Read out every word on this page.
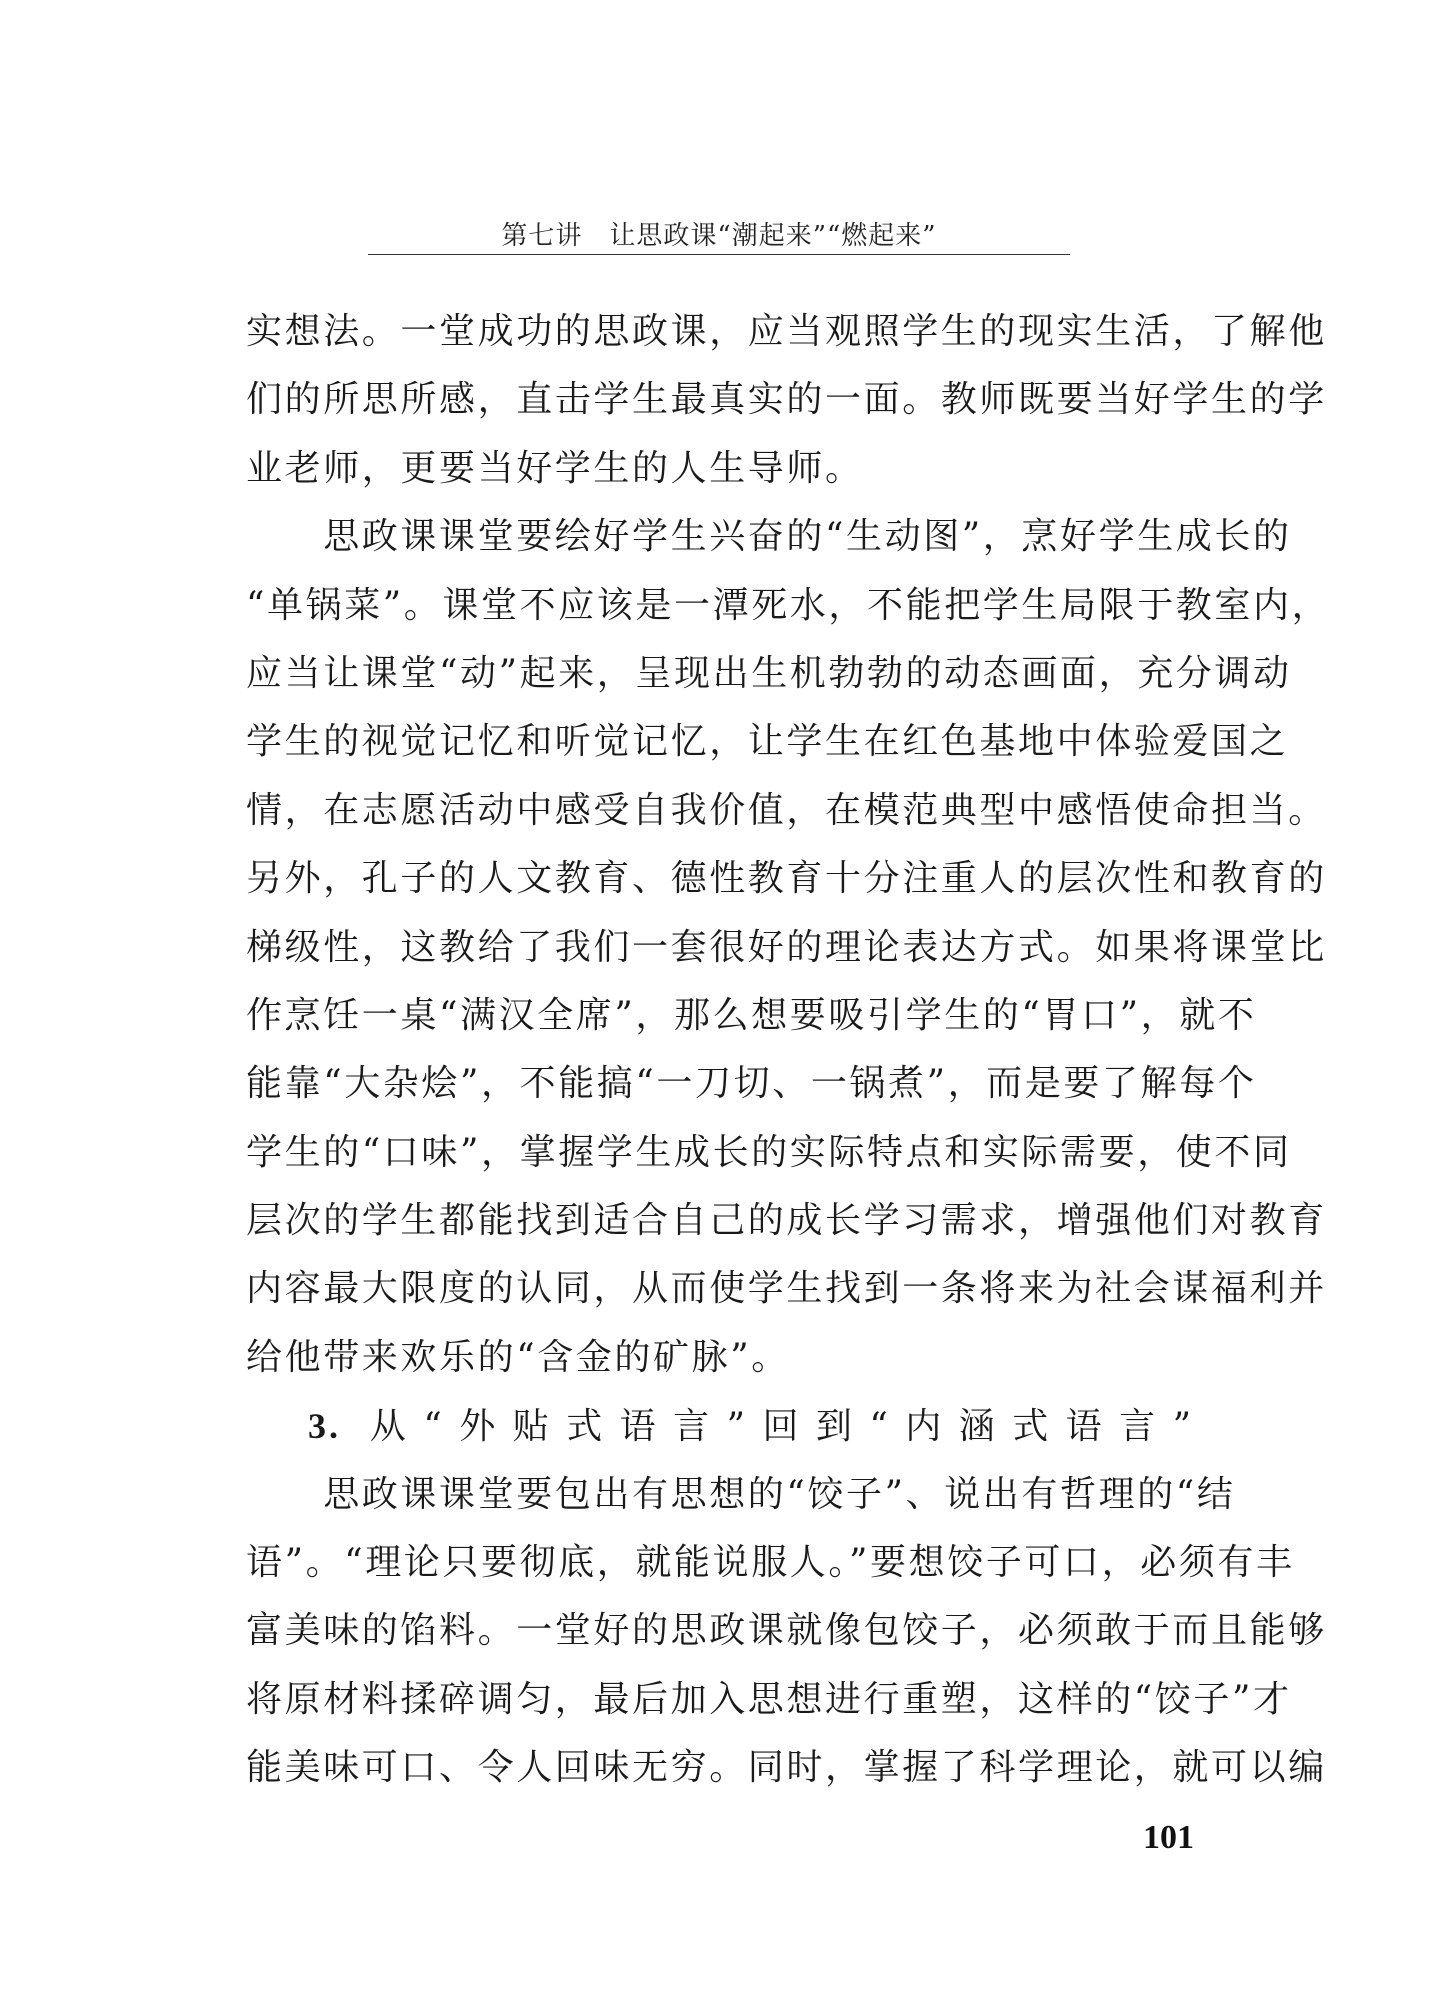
第七讲　让思政课“潮起来”“燃起来”
实想法。一堂成功的思政课，应当观照学生的现实生活，了解他
们的所思所感，直击学生最真实的一面。教师既要当好学生的学
业老师，更要当好学生的人生导师。
　　思政课课堂要绘好学生兴奋的“生动图”，烹好学生成长的
“单锅菜”。课堂不应该是一潭死水，不能把学生局限于教室内，
应当让课堂“动”起来，呈现出生机勃勃的动态画面，充分调动
学生的视觉记忆和听觉记忆，让学生在红色基地中体验爱国之
情，在志愿活动中感受自我价值，在模范典型中感悟使命担当。
另外，孔子的人文教育、德性教育十分注重人的层次性和教育的
梯级性，这教给了我们一套很好的理论表达方式。如果将课堂比
作烹饪一桌“满汉全席”，那么想要吸引学生的“胃口”，就不
能靠“大杂烩”，不能搞“一刀切、一锅煮”，而是要了解每个
学生的“口味”，掌握学生成长的实际特点和实际需要，使不同
层次的学生都能找到适合自己的成长学习需求，增强他们对教育
内容最大限度的认同，从而使学生找到一条将来为社会谋福利并
给他带来欢乐的“含金的矿脉”。
3. 从“外贴式语言”回到“内涵式语言”
　　思政课课堂要包出有思想的“饺子”、说出有哲理的“结
语”。“理论只要彻底，就能说服人。”要想饺子可口，必须有丰
富美味的馅料。一堂好的思政课就像包饺子，必须敢于而且能够
将原材料揉碎调匀，最后加入思想进行重塑，这样的“饺子”才
能美味可口、令人回味无穷。同时，掌握了科学理论，就可以编
101
